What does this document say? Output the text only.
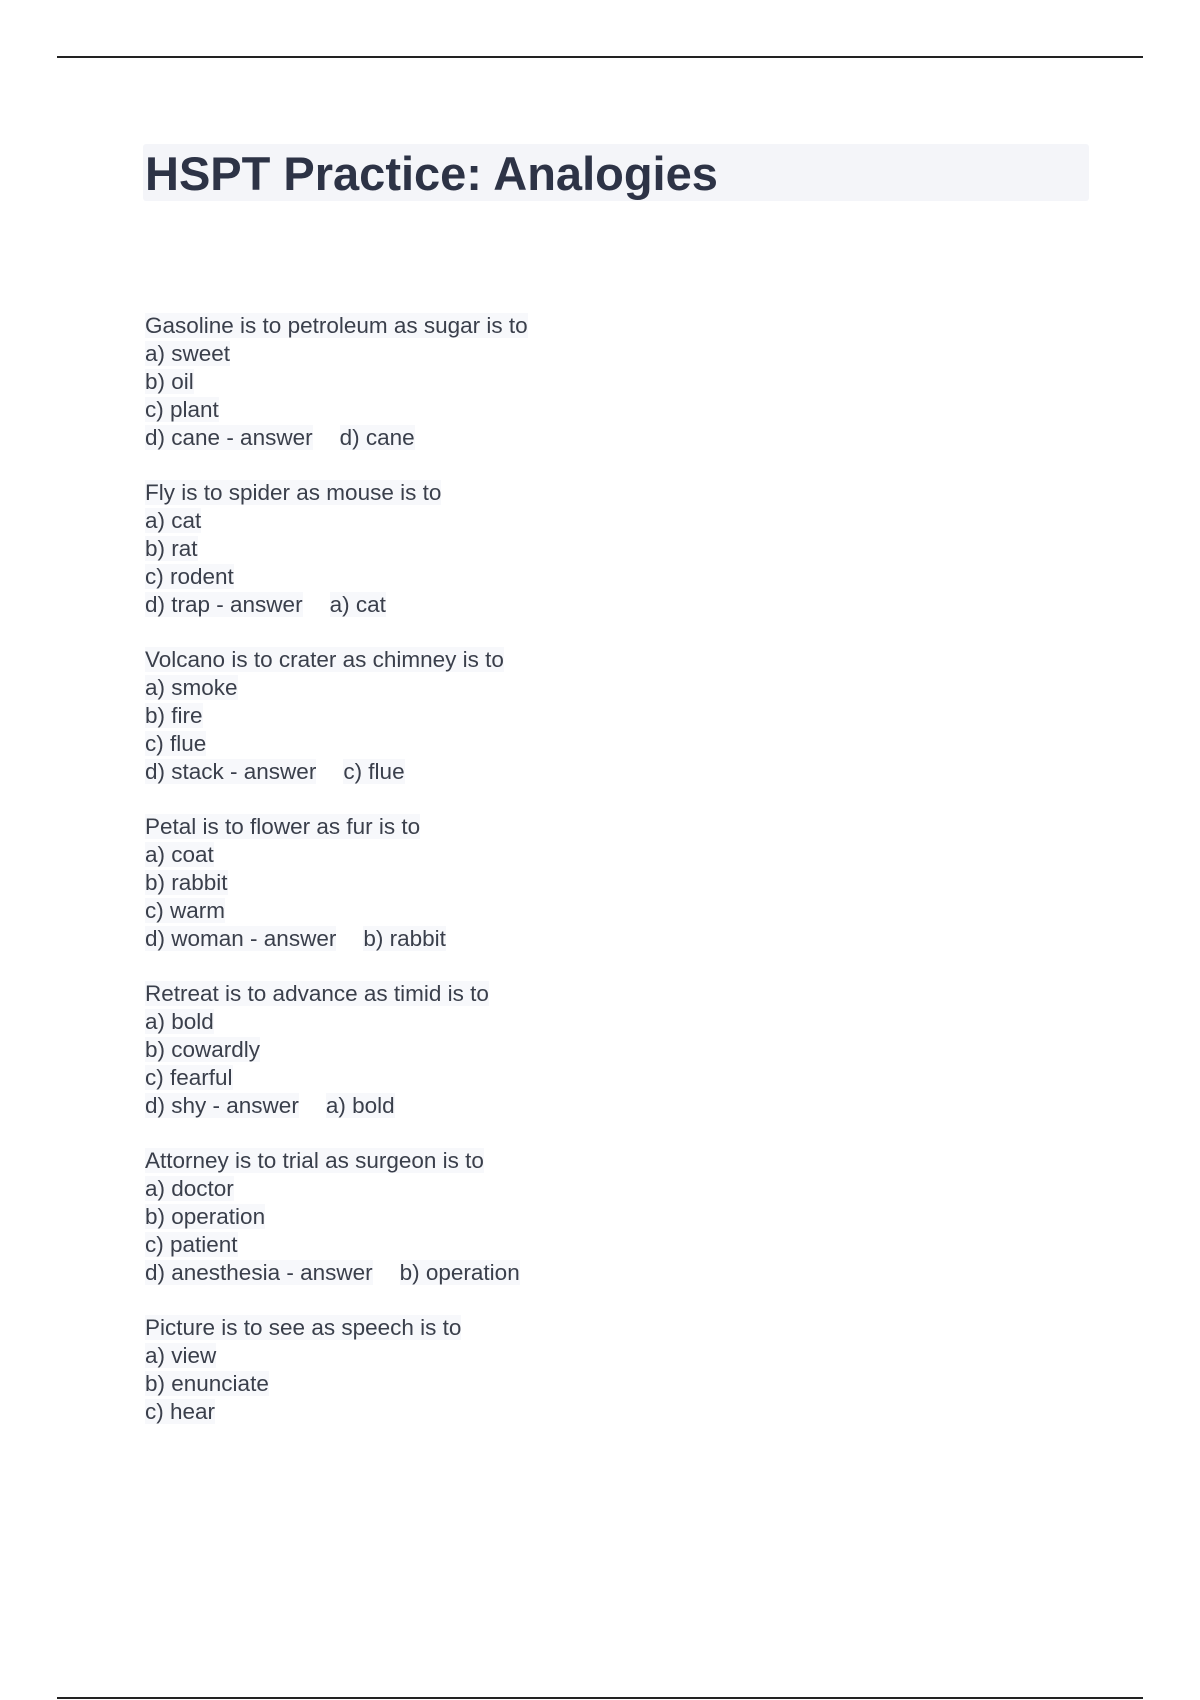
HSPT Practice: Analogies
Gasoline is to petroleum as sugar is to
a) sweet
b) oil
c) plant
d) cane - answer d) cane
Fly is to spider as mouse is to
a) cat
b) rat
c) rodent
d) trap - answer a) cat
Volcano is to crater as chimney is to
a) smoke
b) fire
c) flue
d) stack - answer c) flue
Petal is to flower as fur is to
a) coat
b) rabbit
c) warm
d) woman - answer b) rabbit
Retreat is to advance as timid is to
a) bold
b) cowardly
c) fearful
d) shy - answer a) bold
Attorney is to trial as surgeon is to
a) doctor
b) operation
c) patient
d) anesthesia - answer b) operation
Picture is to see as speech is to
a) view
b) enunciate
c) hear
